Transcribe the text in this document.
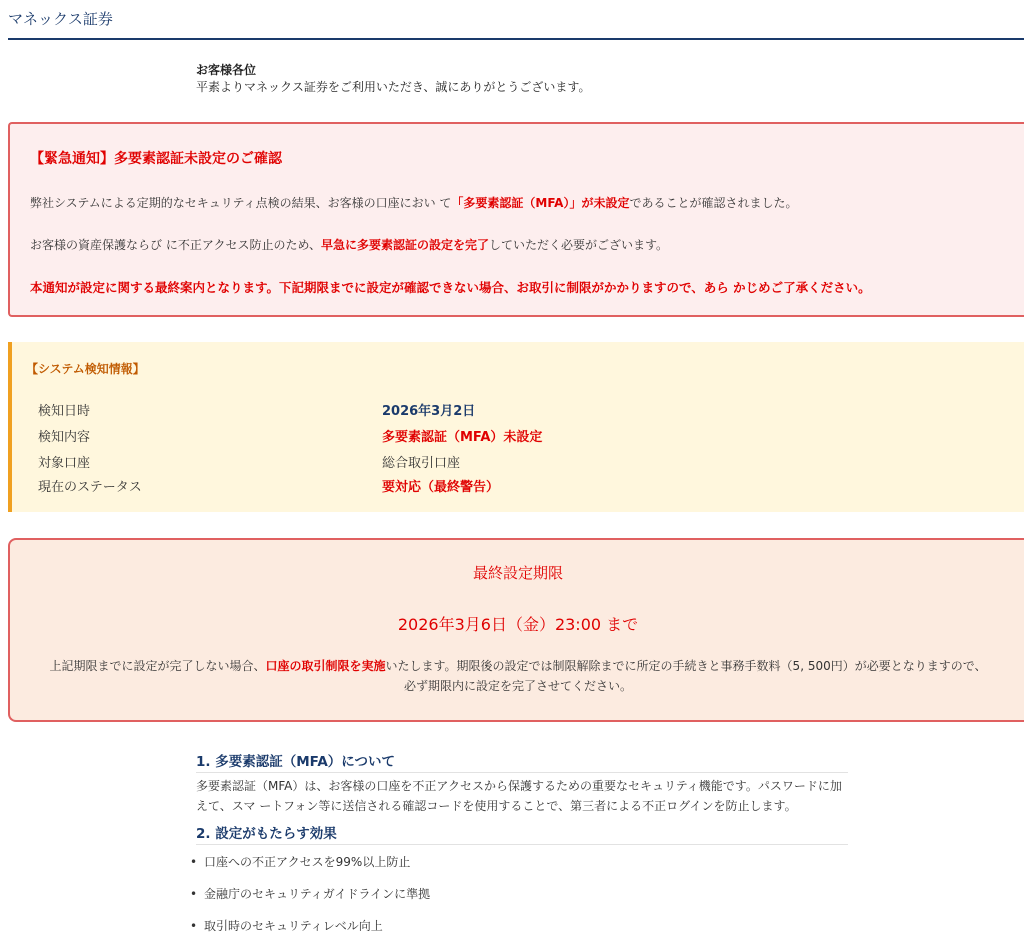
マネックス証券
お客様各位
平素よりマネックス証券をご利用いただき、誠にありがとうございます。
【緊急通知】多要素認証未設定のご確認
弊社システムによる定期的なセキュリティ点検の結果、お客様の口座におい て「多要素認証（MFA）」が未設定であることが確認されました。
お客様の資産保護ならび に不正アクセス防止のため、早急に多要素認証の設定を完了していただく必要がございます。
本通知が設定に関する最終案内となります。下記期限までに設定が確認できない場合、お取引に制限がかかりますので、あら かじめご了承ください。
【システム検知情報】
検知日時	2026年3月2日
検知内容	多要素認証（MFA）未設定
対象口座	総合取引口座
現在のステータス	要対応（最終警告）
最終設定期限
2026年3月6日（金）23:00 まで
上記期限までに設定が完了しない場合、口座の取引制限を実施いたします。期限後の設定では制限解除までに所定の手続きと事務手数料（5, 500円）が必要となりますので、
必ず期限内に設定を完了させてください。
1. 多要素認証（MFA）について
多要素認証（MFA）は、お客様の口座を不正アクセスから保護するための重要なセキュリティ機能です。パスワードに加えて、スマ ートフォン等に送信される確認コードを使用することで、第三者による不正ログインを防止します。
2. 設定がもたらす効果
• 口座への不正アクセスを99%以上防止
• 金融庁のセキュリティガイドラインに準拠
• 取引時のセキュリティレベル向上
